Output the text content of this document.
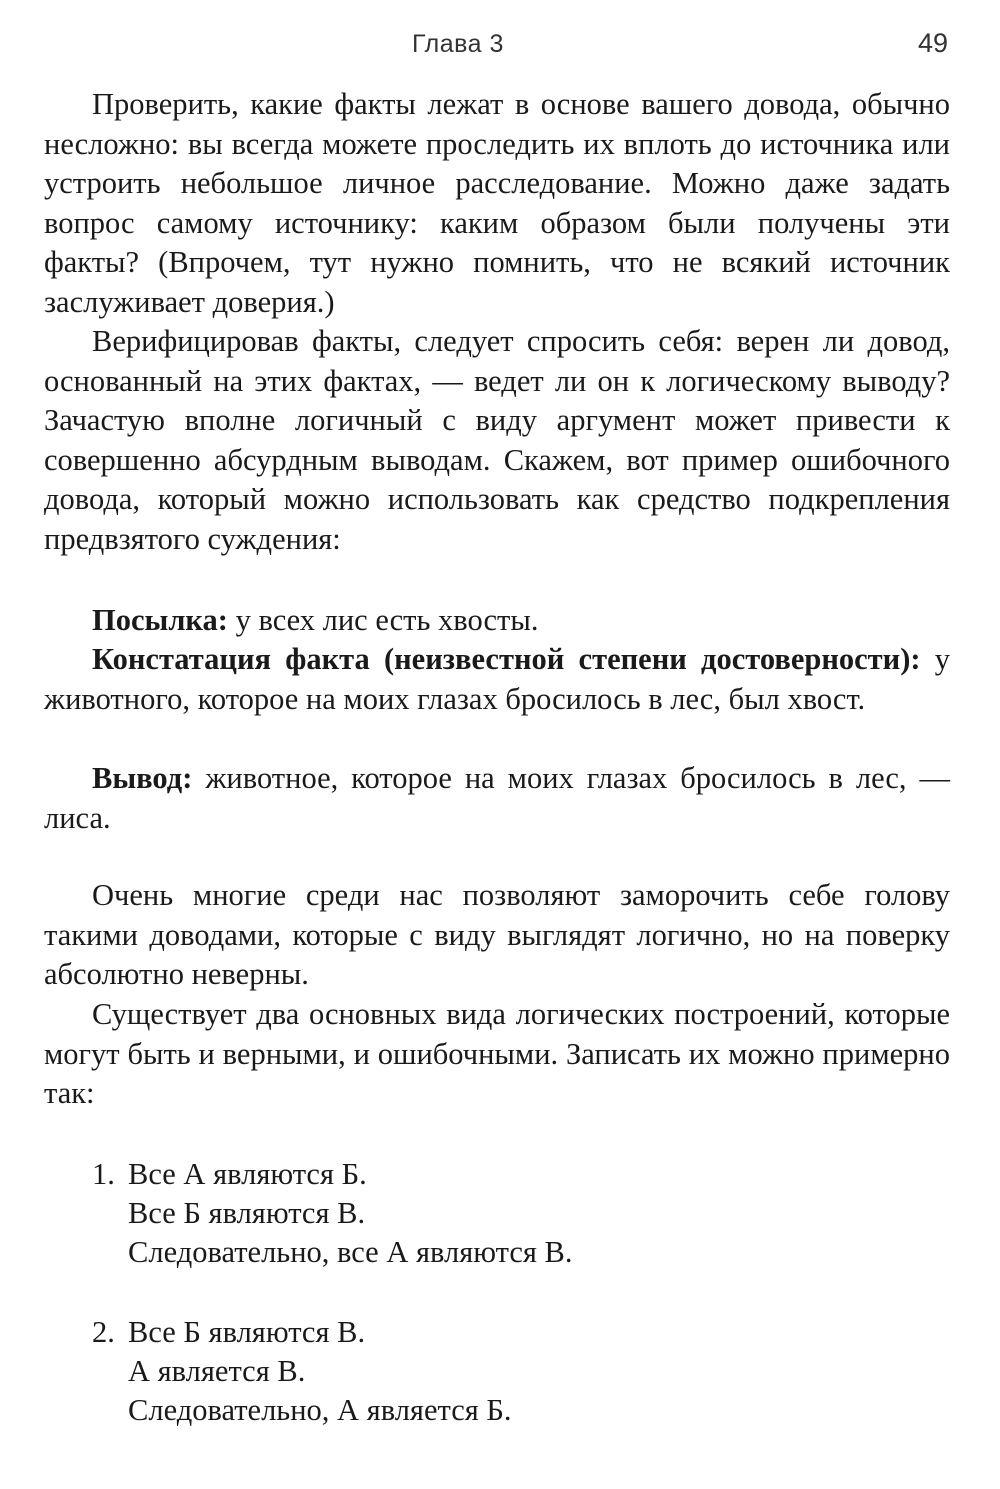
Глава 3	49

Проверить, какие факты лежат в основе вашего довода, обычно несложно: вы всегда можете проследить их вплоть до источника или устроить небольшое личное расследование. Можно даже задать вопрос самому источнику: каким образом были получены эти факты? (Впрочем, тут нужно помнить, что не всякий источник заслуживает доверия.)

Верифицировав факты, следует спросить себя: верен ли довод, основанный на этих фактах, — ведет ли он к логическому выводу? Зачастую вполне логичный с виду аргумент может привести к совершенно абсурдным выводам. Скажем, вот пример ошибочного довода, который можно использовать как средство подкрепления предвзятого суждения:

Посылка: у всех лис есть хвосты.

Констатация факта (неизвестной степени достоверности): у животного, которое на моих глазах бросилось в лес, был хвост.

Вывод: животное, которое на моих глазах бросилось в лес, — лиса.

Очень многие среди нас позволяют заморочить себе голову такими доводами, которые с виду выглядят логично, но на поверку абсолютно неверны.

Существует два основных вида логических построений, которые могут быть и верными, и ошибочными. Записать их можно примерно так:

1. Все А являются Б.
Все Б являются В.
Следовательно, все А являются В.
2. Все Б являются В.
А является В.
Следовательно, А является Б.
